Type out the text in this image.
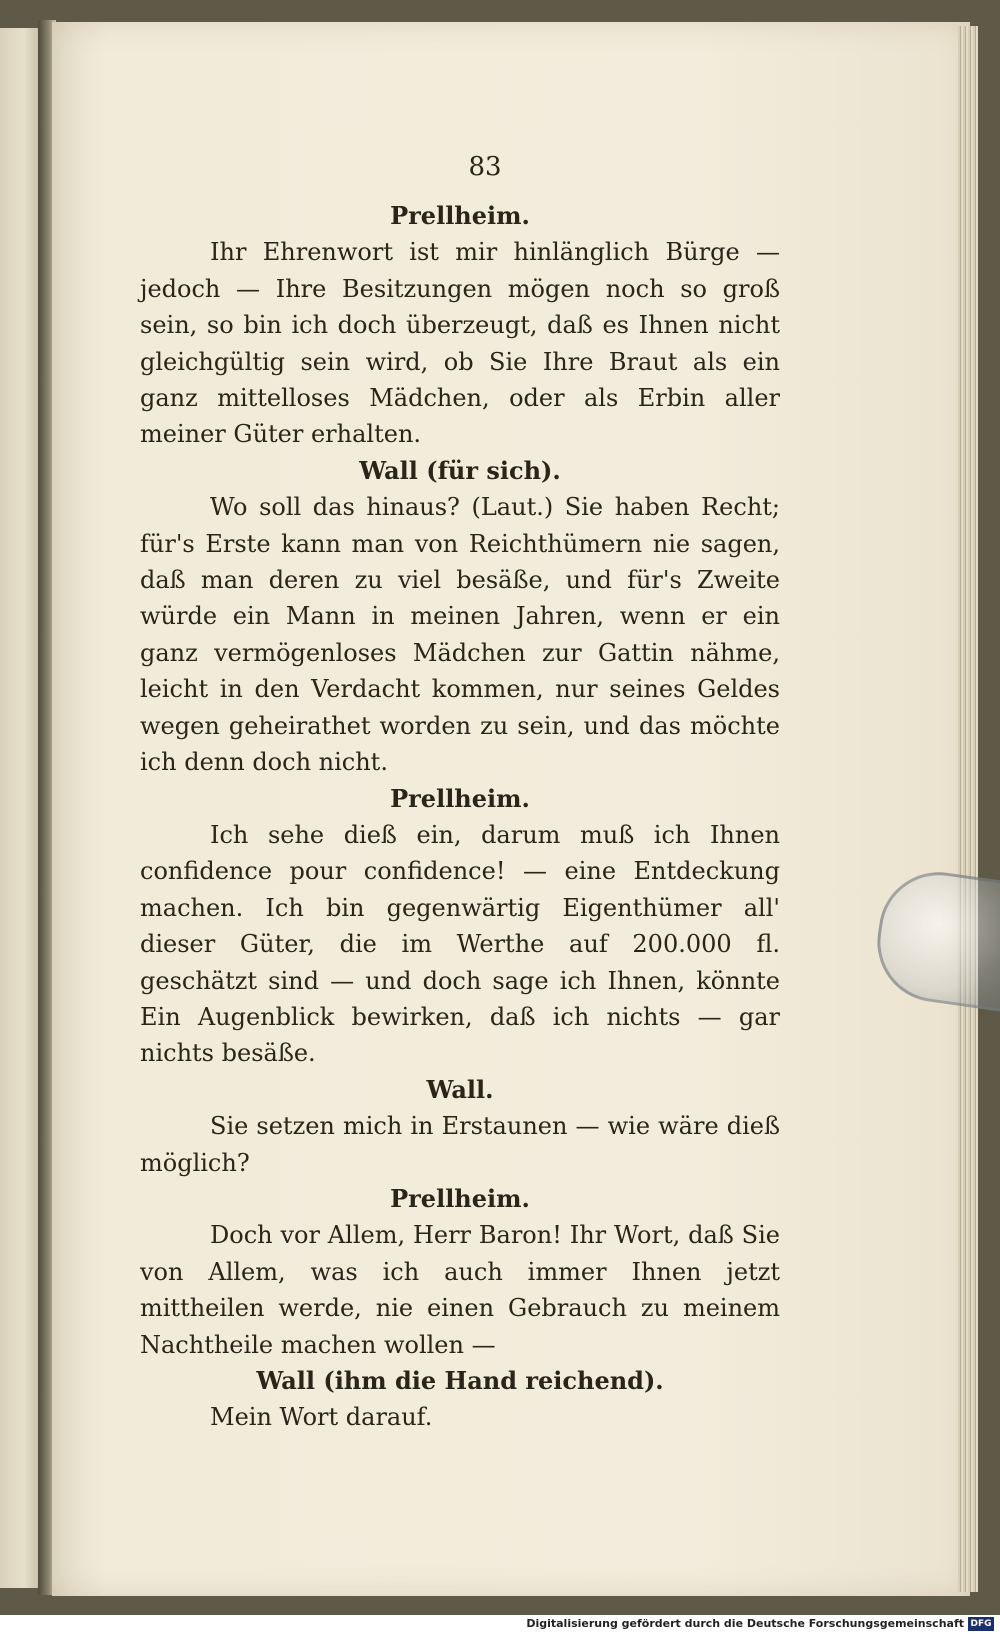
83

Prellheim.

Ihr Ehrenwort ist mir hinlänglich Bürge — jedoch — Ihre Besitzungen mögen noch so groß sein, so bin ich doch überzeugt, daß es Ihnen nicht gleichgültig sein wird, ob Sie Ihre Braut als ein ganz mittelloses Mädchen, oder als Erbin aller meiner Güter erhalten.

Wall (für sich).

Wo soll das hinaus? (Laut.) Sie haben Recht; für's Erste kann man von Reichthümern nie sagen, daß man deren zu viel besäße, und für's Zweite würde ein Mann in meinen Jahren, wenn er ein ganz vermögenloses Mädchen zur Gattin nähme, leicht in den Verdacht kommen, nur seines Geldes wegen geheirathet worden zu sein, und das möchte ich denn doch nicht.

Prellheim.

Ich sehe dieß ein, darum muß ich Ihnen confidence pour confidence! — eine Entdeckung machen. Ich bin gegenwärtig Eigenthümer all' dieser Güter, die im Werthe auf 200.000 fl. geschätzt sind — und doch sage ich Ihnen, könnte Ein Augenblick bewirken, daß ich nichts — gar nichts besäße.

Wall.

Sie setzen mich in Erstaunen — wie wäre dieß möglich?

Prellheim.

Doch vor Allem, Herr Baron! Ihr Wort, daß Sie von Allem, was ich auch immer Ihnen jetzt mittheilen werde, nie einen Gebrauch zu meinem Nachtheile machen wollen —

Wall (ihm die Hand reichend).

Mein Wort darauf.

Digitalisierung gefördert durch die Deutsche Forschungsgemeinschaft DFG
